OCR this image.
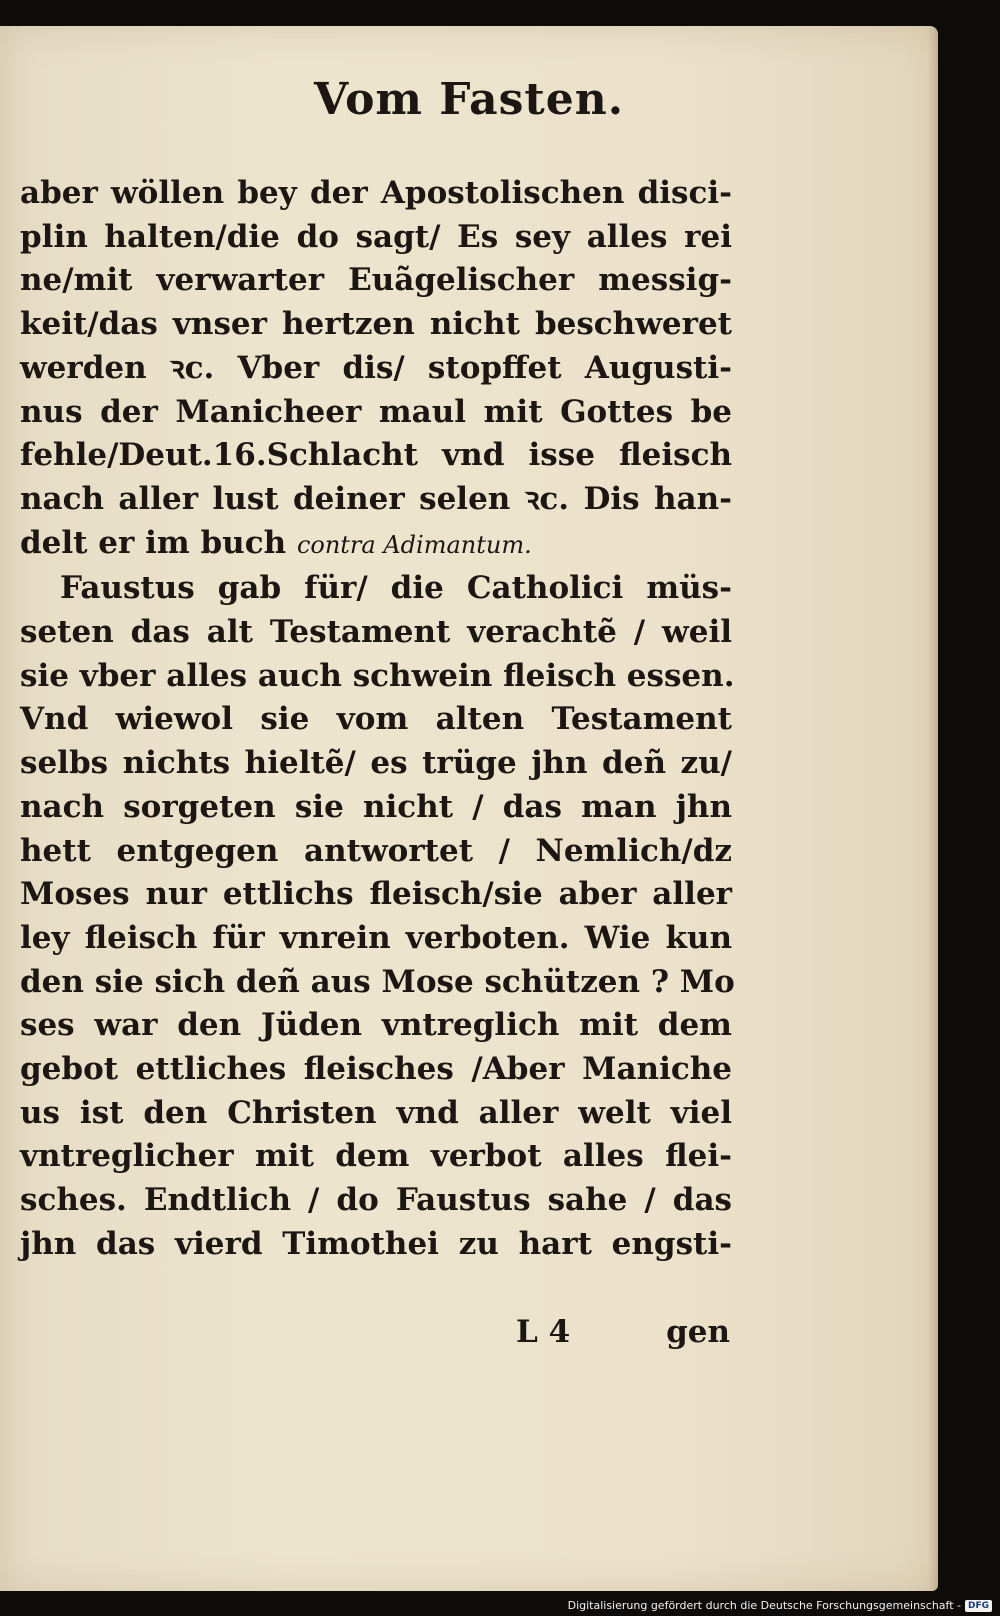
Vom Fasten.
aber wöllen bey der Apostolischen disci-
plin halten/die do sagt/ Es sey alles rei
ne/mit verwarter Euãgelischer messig-
keit/das vnser hertzen nicht beschweret
werden ꝛc. Vber dis/ stopffet Augusti-
nus der Manicheer maul mit Gottes be
fehle/Deut.16.Schlacht vnd isse fleisch
nach aller lust deiner selen ꝛc. Dis han-
delt er im buch contra Adimantum.
Faustus gab für/ die Catholici müs-
seten das alt Testament verachtẽ / weil
sie vber alles auch schwein fleisch essen.
Vnd wiewol sie vom alten Testament
selbs nichts hieltẽ/ es trüge jhn deñ zu/
nach sorgeten sie nicht / das man jhn
hett entgegen antwortet / Nemlich/dz
Moses nur ettlichs fleisch/sie aber aller
ley fleisch für vnrein verboten. Wie kun
den sie sich deñ aus Mose schützen ? Mo
ses war den Jüden vntreglich mit dem
gebot ettliches fleisches /Aber Maniche
us ist den Christen vnd aller welt viel
vntreglicher mit dem verbot alles flei-
sches. Endtlich / do Faustus sahe / das
jhn das vierd Timothei zu hart engsti-
L 4	gen
Digitalisierung gefördert durch die Deutsche Forschungsgemeinschaft - DFG
